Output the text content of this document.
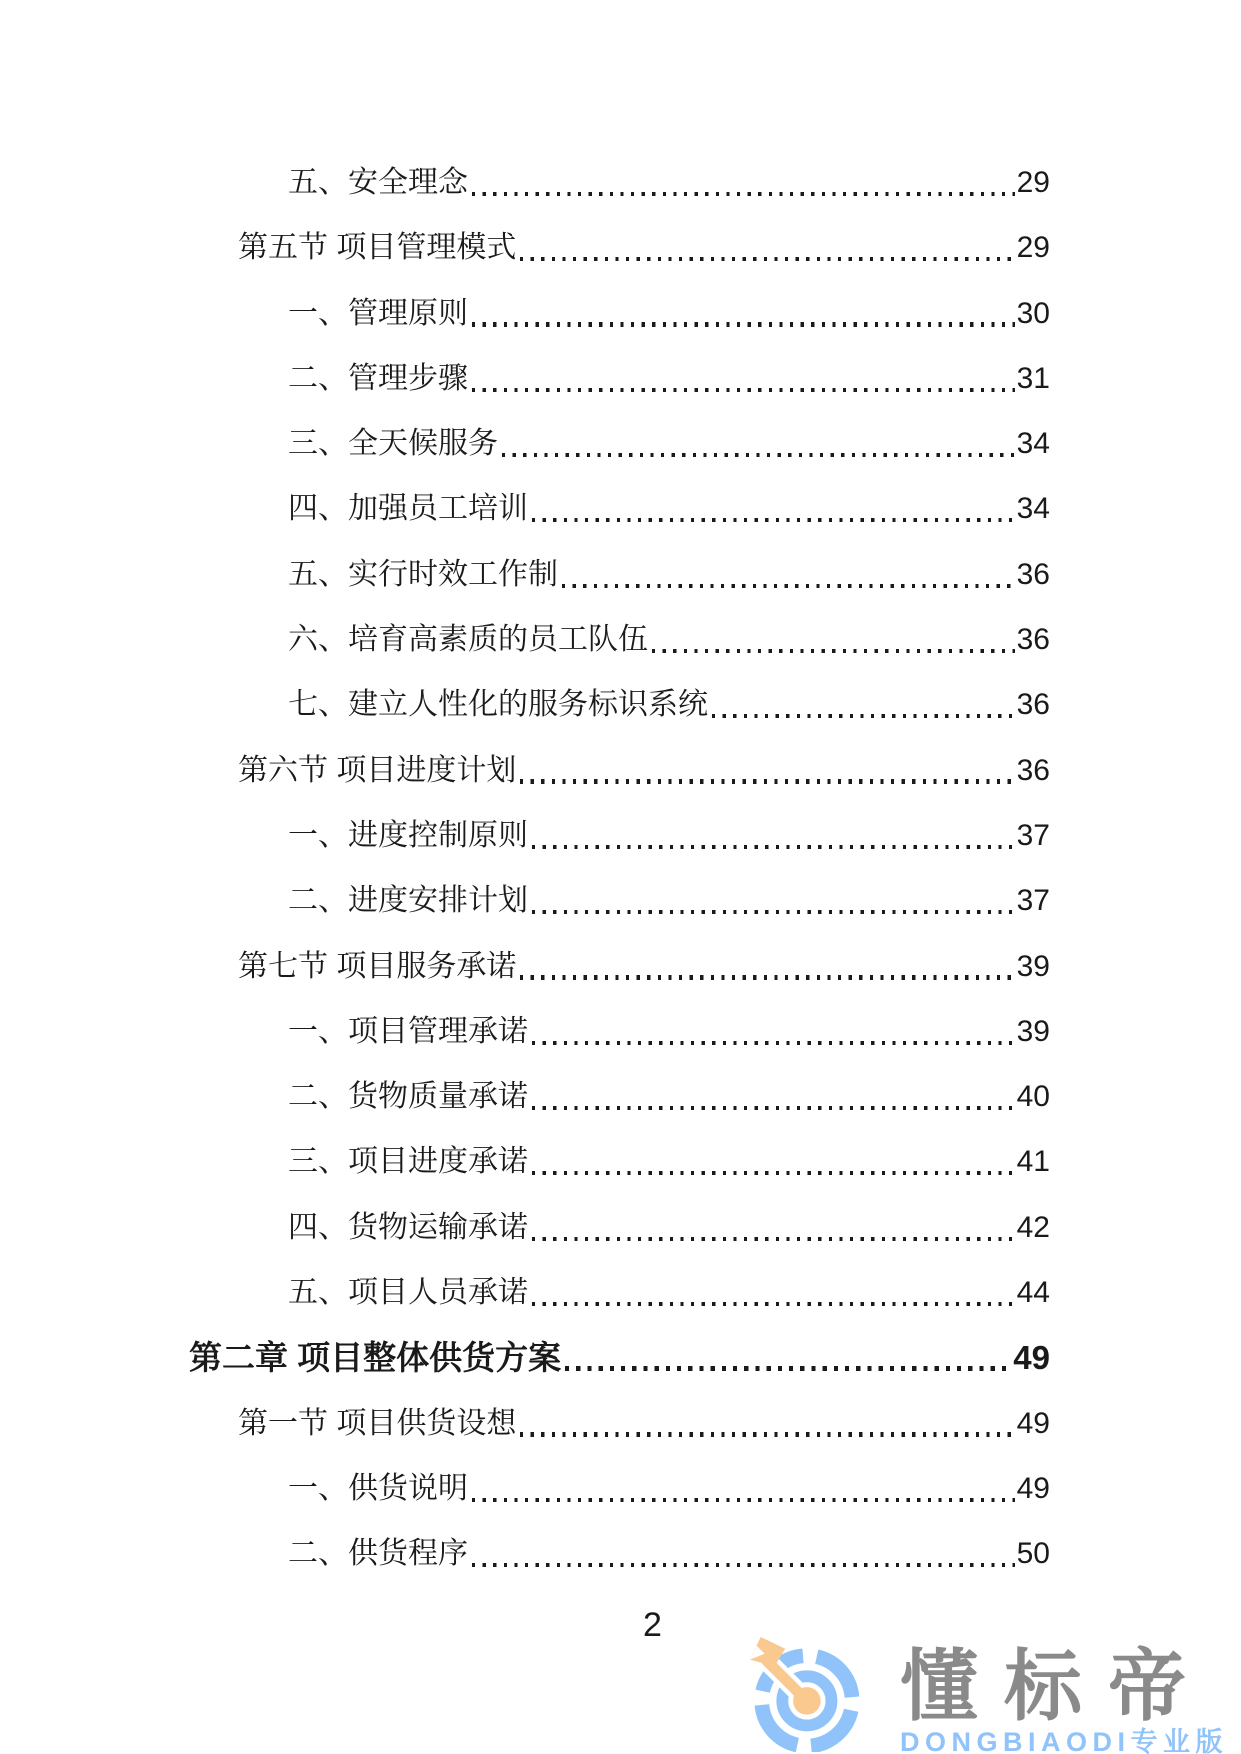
五、安全理念	29
第五节 项目管理模式	29
一、管理原则	30
二、管理步骤	31
三、全天候服务	34
四、加强员工培训	34
五、实行时效工作制	36
六、培育高素质的员工队伍	36
七、建立人性化的服务标识系统	36
第六节 项目进度计划	36
一、进度控制原则	37
二、进度安排计划	37
第七节 项目服务承诺	39
一、项目管理承诺	39
二、货物质量承诺	40
三、项目进度承诺	41
四、货物运输承诺	42
五、项目人员承诺	44
第二章 项目整体供货方案	49
第一节 项目供货设想	49
一、供货说明	49
二、供货程序	50
2
懂标帝
DONGBIAODI专业版
